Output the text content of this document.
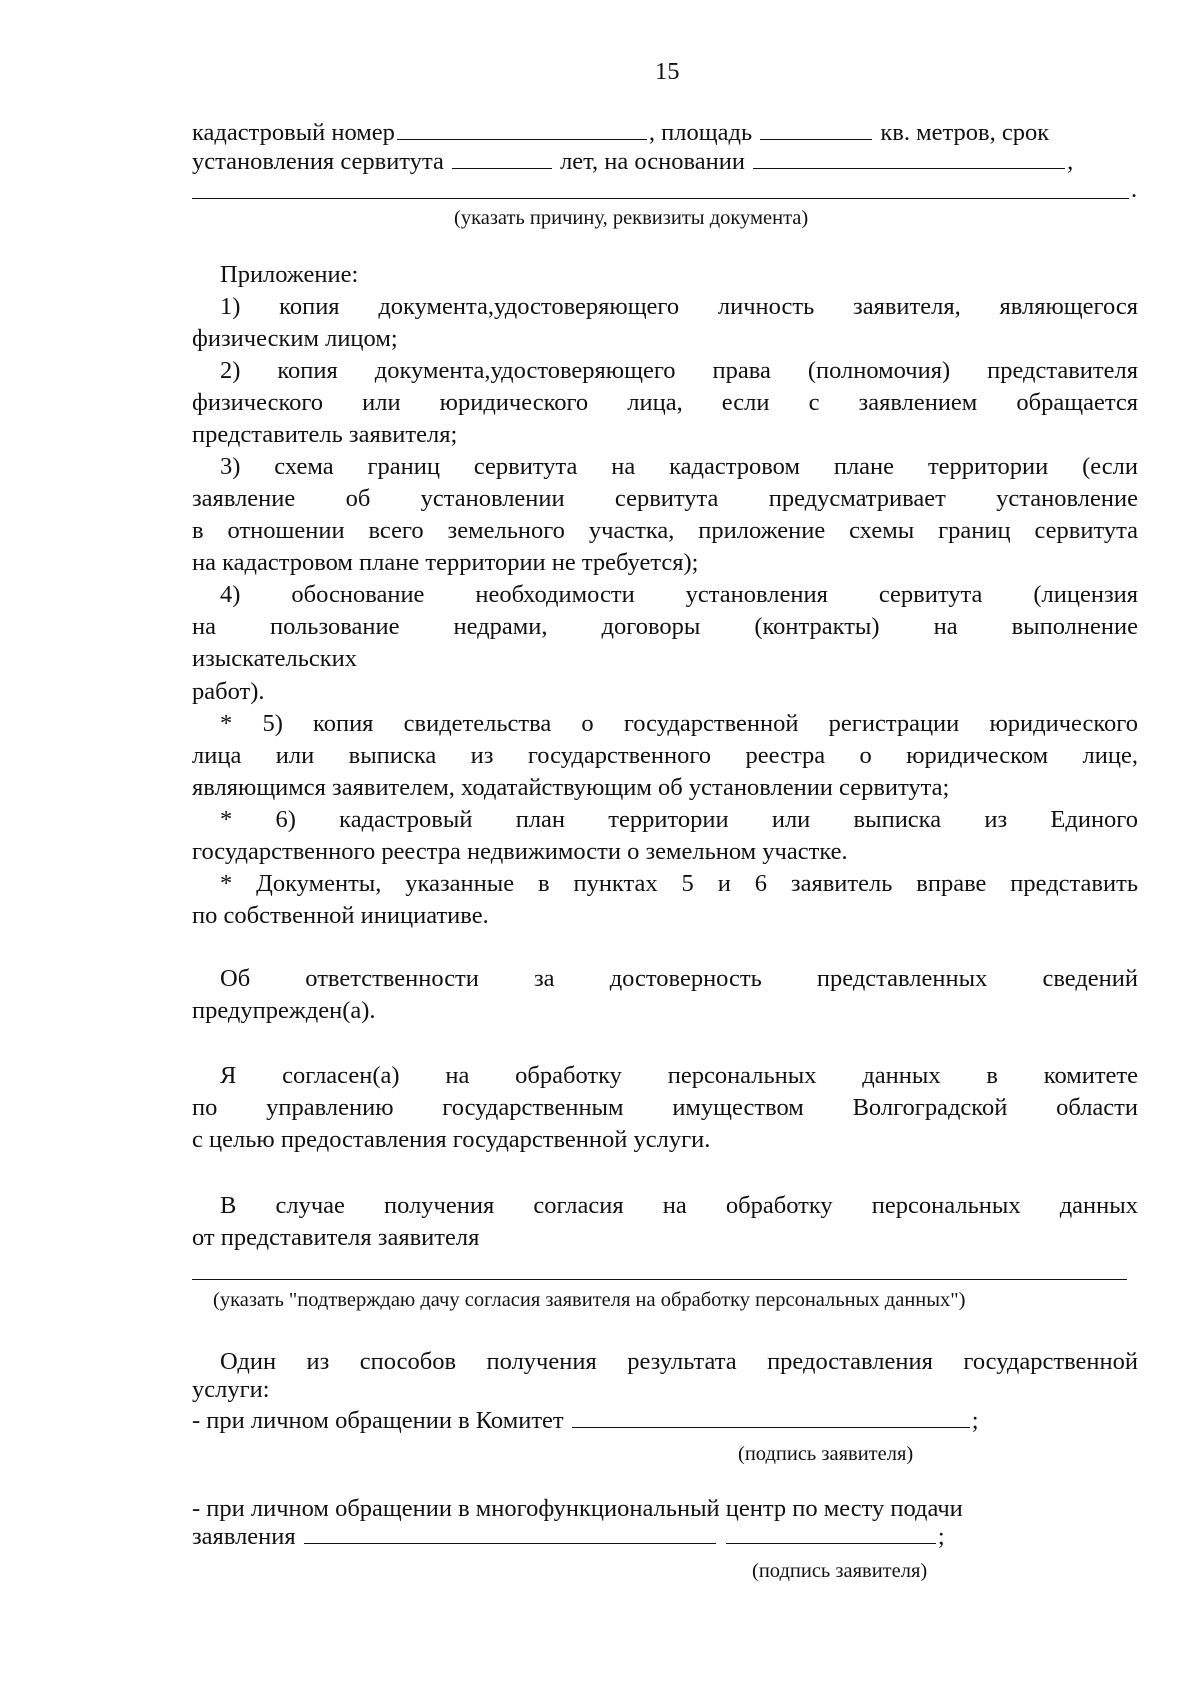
15
кадастровый номер	, площадь	кв. метров, срок
установления сервитута	лет, на основании	,
.
(указать причину, реквизиты документа)
Приложение:
1) копия документа,удостоверяющего личность заявителя, являющегося
физическим лицом;
2) копия документа,удостоверяющего права (полномочия) представителя
физического или юридического лица, если с заявлением обращается
представитель заявителя;
3) схема границ сервитута на кадастровом плане территории (если
заявление об установлении сервитута предусматривает установление
в отношении всего земельного участка, приложение схемы границ сервитута
на кадастровом плане территории не требуется);
4) обоснование необходимости установления сервитута (лицензия
на пользование недрами, договоры (контракты) на выполнение
изыскательских
работ).
* 5) копия свидетельства о государственной регистрации юридического
лица или выписка из государственного реестра о юридическом лице,
являющимся заявителем, ходатайствующим об установлении сервитута;
* 6) кадастровый план территории или выписка из Единого
государственного реестра недвижимости о земельном участке.
* Документы, указанные в пунктах 5 и 6 заявитель вправе представить
по собственной инициативе.
Об ответственности за достоверность представленных сведений
предупрежден(а).
Я согласен(а) на обработку персональных данных в комитете
по управлению государственным имуществом Волгоградской области
с целью предоставления государственной услуги.
В случае получения согласия на обработку персональных данных
от представителя заявителя
(указать "подтверждаю дачу согласия заявителя на обработку персональных данных")
Один из способов получения результата предоставления государственной
услуги:
- при личном обращении в Комитет	;
(подпись заявителя)
- при личном обращении в многофункциональный центр по месту подачи
заявления	;
(подпись заявителя)
